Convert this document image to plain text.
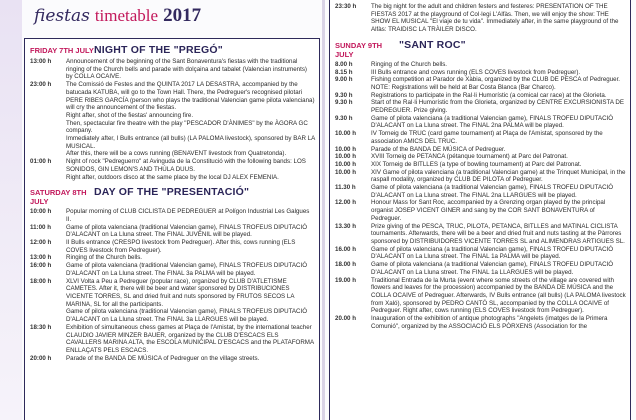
fiestas timetable 2017
FRIDAY 7TH JULY NIGHT OF THE "PREGÓ"
13:00 h	Announcement of the beginning of the Sant Bonaventura's fiestas with the traditional ringing of the Church bells and parade with dolçaina and tabalet (Valencian instruments) by COLLA OCAIVE.
23:00 h	The Comissió de Festes and the QUINTA 2017 LA DESASTRA, accompanied by the batucada KATUBA, will go to the Town Hall. There, the Pedreguer's recognised pilotari PERE RIBES GARCÍA (person who plays the traditional Valencian game pilota valenciana) will cry the announcement of the fiestas.
Right after, shot of the fiestas' announcing fire.
Then, spectacular fire theatre with the play "PESCADOR D'ÀNIMES" by the ÀGORA GC company.
Immediately after, I Bulls entrance (all bulls) (LA PALOMA livestock), sponsored by BAR LA MUSICAL.
After this, there will be a cows running (BENAVENT livestock from Quatretonda).
01:00 h	Night of rock "Pedreguerro" at Avinguda de la Constitució with the following bands: LOS SONIDOS, GIN LEMON'S AND THÚLA DUUS.
Right after, outdoors disco at the same place by the local DJ ALEX FEMENIA.
SATURDAY 8TH JULY
DAY OF THE "PRESENTACIÓ"
10:00 h	Popular morning of CLUB CICLISTA DE PEDREGUER at Polígon Industrial Les Galgues II.
11:00 h	Game of pilota valenciana (traditional Valencian game), FINALS TROFEUS DIPUTACIÓ D'ALACANT on La Lluna street. The FINAL JUVENIL will be played.
12:00 h	II Bulls entrance (CRESPO livestock from Pedreguer). After this, cows running (ELS COVES livestock from Pedreguer).
13:00 h	Ringing of the Church bells.
16:00 h	Game of pilota valenciana (traditional Valencian game), FINALS TROFEUS DIPUTACIÓ D'ALACANT on La Lluna street. The FINAL 3a PALMA will be played.
18:00 h	XLVI Volta a Peu a Pedreguer (popular race), organized by CLUB D'ATLETISME CAMETES. After it, there will be beer and water sponsored by DISTRIBUCIONES VICENTE TORRES, SL and dried fruit and nuts sponsored by FRUTOS SECOS LA MARINA, SL for all the participants.
Game of pilota valenciana (traditional Valencian game), FINALS TROFEUS DIPUTACIÓ D'ALACANT on La Lluna street. The FINAL 3a LLARGUES will be played.
18:30 h	Exhibition of simultaneous chess games at Plaça de l'Amistat, by the international teacher CLAUDIO JAVIER MINZER BAUER, organized by the CLUB D'ESCACS ELS CAVALLERS MARINA ALTA, the ESCOLA MUNICIPAL D'ESCACS and the PLATAFORMA ENLLAÇATS PELS ESCACS.
20:00 h	Parade of the BANDA DE MÚSICA of Pedreguer on the village streets.
23:30 h	The big night for the adult and children festers and festeres: PRESENTATION OF THE FIESTAS 2017 at the playground of Col·legi L'Alfàs. Then, we will enjoy the show: THE SHOW EL MUSICAL "El viaje de tu vida". Immediately after, in the same playground of the Alfàs: TRAIDISC LA TRÀILER DISCO.
SUNDAY 9TH JULY
"SANT ROC"
8.00 h	Ringing of the Church bells.
8.15 h	III Bulls entrance and cows running (ELS COVES livestock from Pedreguer).
9.00 h	Fishing competition at Parador de Xàbia, organized by the CLUB DE PESCA of Pedreguer. NOTE: Registrations will be held at Bar Costa Blanca (Bar Charco).
9.30 h	Registrations to participate in the Ral·li Humorístic (a comical car race) at the Glorieta.
9.30 h	Start of the Ral·li Humorístic from the Glorieta, organized by CENTRE EXCURSIONISTA DE PEDREGUER. Prize giving.
9.30 h	Game of pilota valenciana (a traditional Valencian game), FINALS TROFEU DIPUTACIÓ D'ALACANT on La Lluna street. The FINAL 2na PALMA will be played.
10.00 h	IV Torneig de TRUC (card game tournament) at Plaça de l'Amistat, sponsored by the association AMICS DEL TRUC.
10.00 h	Parade of the BANDA DE MÚSICA of Pedreguer.
10.00 h	XVIII Torneig de PETANCA (pétanque tournament) at Parc del Patronat.
10.00 h	XIX Torneig de BITLLES (a type of bowling tournament) at Parc del Patronat.
10.00 h	XIV Game of pilota valenciana (a traditional Valencian game) at the Trinquet Municipal, in the raspall modality, organized by CLUB DE PILOTA of Pedreguer.
11.30 h	Game of pilota valenciana (a traditional Valencian game), FINALS TROFEU DIPUTACIÓ D'ALACANT on La Lluna street. The FINAL 2na LLARGUES will be played.
12.00 h	Honour Mass for Sant Roc, accompanied by a Grenzing organ played by the principal organist JOSEP VICENT GINER and sang by the COR SANT BONAVENTURA of Pedreguer.
13.30 h	Prize giving of the PESCA, TRUC, PILOTA, PETANCA, BITLLES and MATINAL CICLISTA tournaments. Afterwards, there will be a beer and dried fruit and nuts tasting at the Pàrrores sponsored by DISTRIBUIDORES VICENTE TORRES SL and ALIMENDRAS ARTIGUES SL.
16.00 h	Game of pilota valenciana (a traditional Valencian game), FINALS TROFEU DIPUTACIÓ D'ALACANT on La Lluna street. The FINAL 1a PALMA will be played.
18.00 h	Game of pilota valenciana (a traditional Valencian game), FINALS TROFEU DIPUTACIÓ D'ALACANT on La Lluna street. The FINAL 1a LLARGUES will be played.
19.00 h	Traditional Entrada de la Murta (event where some streets of the village are covered with flowers and leaves for the procession) accompanied by the BANDA DE MÚSICA and the COLLA OCAIVE of Pedreguer. Afterwards, IV Bulls entrance (all bulls) (LA PALOMA livestock from Xaló), sponsored by PEDRO CANTÓ SL, accompanied by the COLLA OCAIVE of Pedreguer. Right after, cows running (ELS COVES livestock from Pedreguer).
20.00 h	Inauguration of the exhibition of antique photographs "Angelets (imatges de la Primera Comunió", organized by the ASSOCIACIÓ ELS PÒRXENS (Association for the
